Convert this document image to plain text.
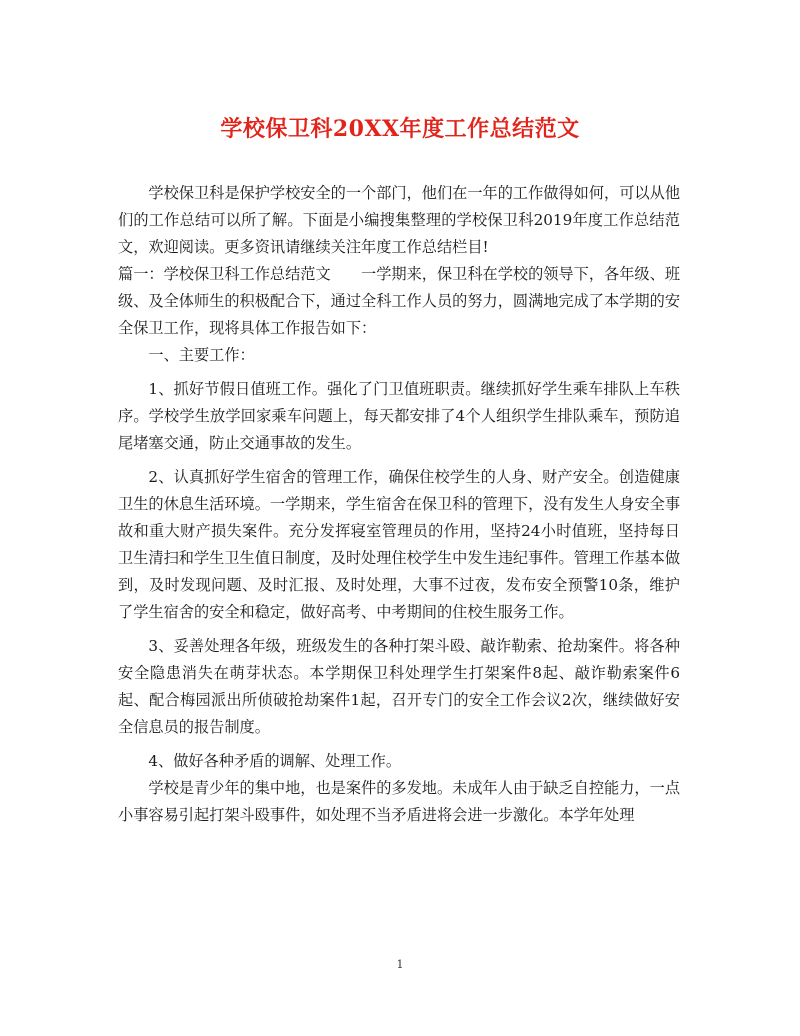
学校保卫科20XX年度工作总结范文

学校保卫科是保护学校安全的一个部门，他们在一年的工作做得如何，可以从他们的工作总结可以所了解。下面是小编搜集整理的学校保卫科2019年度工作总结范文，欢迎阅读。更多资讯请继续关注年度工作总结栏目!

篇一：学校保卫科工作总结范文　　一学期来，保卫科在学校的领导下，各年级、班级、及全体师生的积极配合下，通过全科工作人员的努力，圆满地完成了本学期的安全保卫工作，现将具体工作报告如下：

一、主要工作：

1、抓好节假日值班工作。强化了门卫值班职责。继续抓好学生乘车排队上车秩序。学校学生放学回家乘车问题上，每天都安排了4个人组织学生排队乘车，预防追尾堵塞交通，防止交通事故的发生。

2、认真抓好学生宿舍的管理工作，确保住校学生的人身、财产安全。创造健康卫生的休息生活环境。一学期来，学生宿舍在保卫科的管理下，没有发生人身安全事故和重大财产损失案件。充分发挥寝室管理员的作用，坚持24小时值班，坚持每日卫生清扫和学生卫生值日制度，及时处理住校学生中发生违纪事件。管理工作基本做到，及时发现问题、及时汇报、及时处理，大事不过夜，发布安全预警10条，维护了学生宿舍的安全和稳定，做好高考、中考期间的住校生服务工作。

3、妥善处理各年级，班级发生的各种打架斗殴、敲诈勒索、抢劫案件。将各种安全隐患消失在萌芽状态。本学期保卫科处理学生打架案件8起、敲诈勒索案件6起、配合梅园派出所侦破抢劫案件1起，召开专门的安全工作会议2次，继续做好安全信息员的报告制度。

4、做好各种矛盾的调解、处理工作。

学校是青少年的集中地，也是案件的多发地。未成年人由于缺乏自控能力，一点小事容易引起打架斗殴事件，如处理不当矛盾进将会进一步激化。本学年处理

1
